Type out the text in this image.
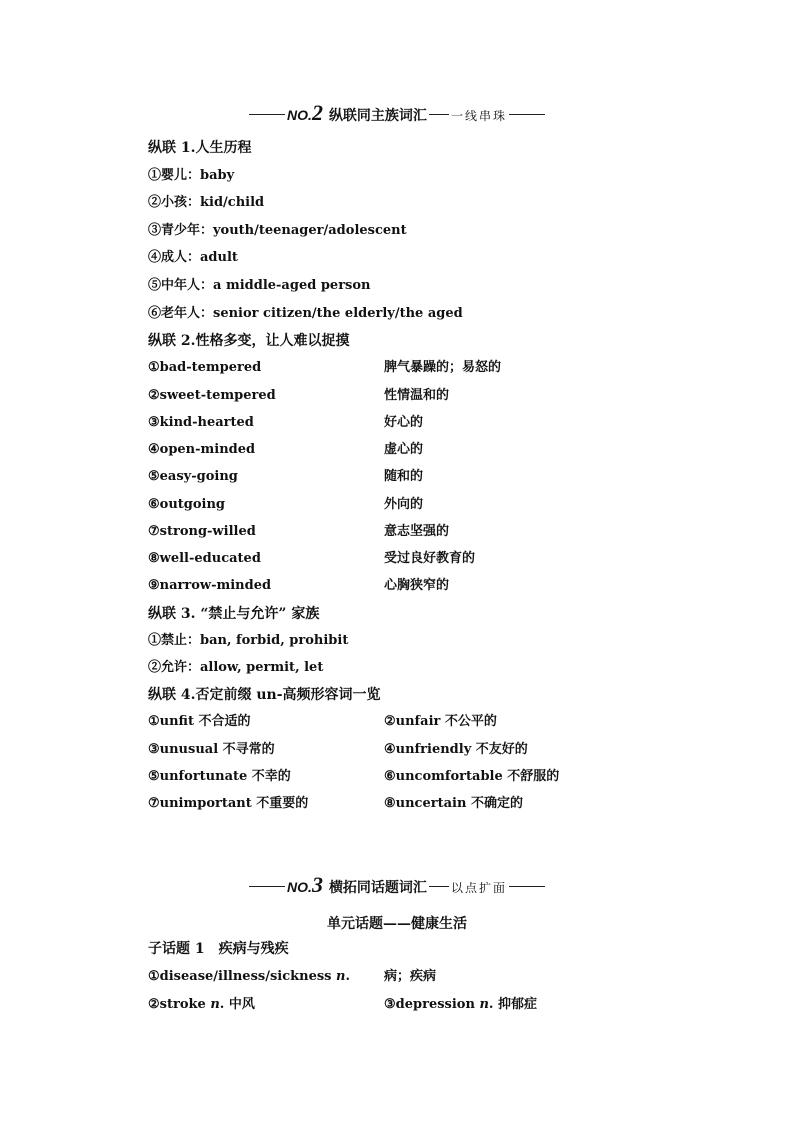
NO. 2 纵联同主族词汇 一线串珠
纵联 1.人生历程
①婴儿：baby
②小孩：kid/child
③青少年：youth/teenager/adolescent
④成人：adult
⑤中年人：a middle-aged person
⑥老年人：senior citizen/the elderly/the aged
纵联 2.性格多变，让人难以捉摸
①bad-tempered	脾气暴躁的；易怒的
②sweet-tempered	性情温和的
③kind-hearted	好心的
④open-minded	虚心的
⑤easy-going	随和的
⑥outgoing	外向的
⑦strong-willed	意志坚强的
⑧well-educated	受过良好教育的
⑨narrow-minded	心胸狭窄的
纵联 3. “禁止与允许” 家族
①禁止：ban, forbid, prohibit
②允许：allow, permit, let
纵联 4.否定前缀 un-高频形容词一览
①unfit 不合适的	②unfair 不公平的
③unusual 不寻常的	④unfriendly 不友好的
⑤unfortunate 不幸的	⑥uncomfortable 不舒服的
⑦unimportant 不重要的	⑧uncertain 不确定的
NO. 3 横拓同话题词汇 以点扩面
单元话题——健康生活
子话题 1　疾病与残疾
①disease/illness/sickness n.	病；疾病
②stroke n. 中风	③depression n. 抑郁症
